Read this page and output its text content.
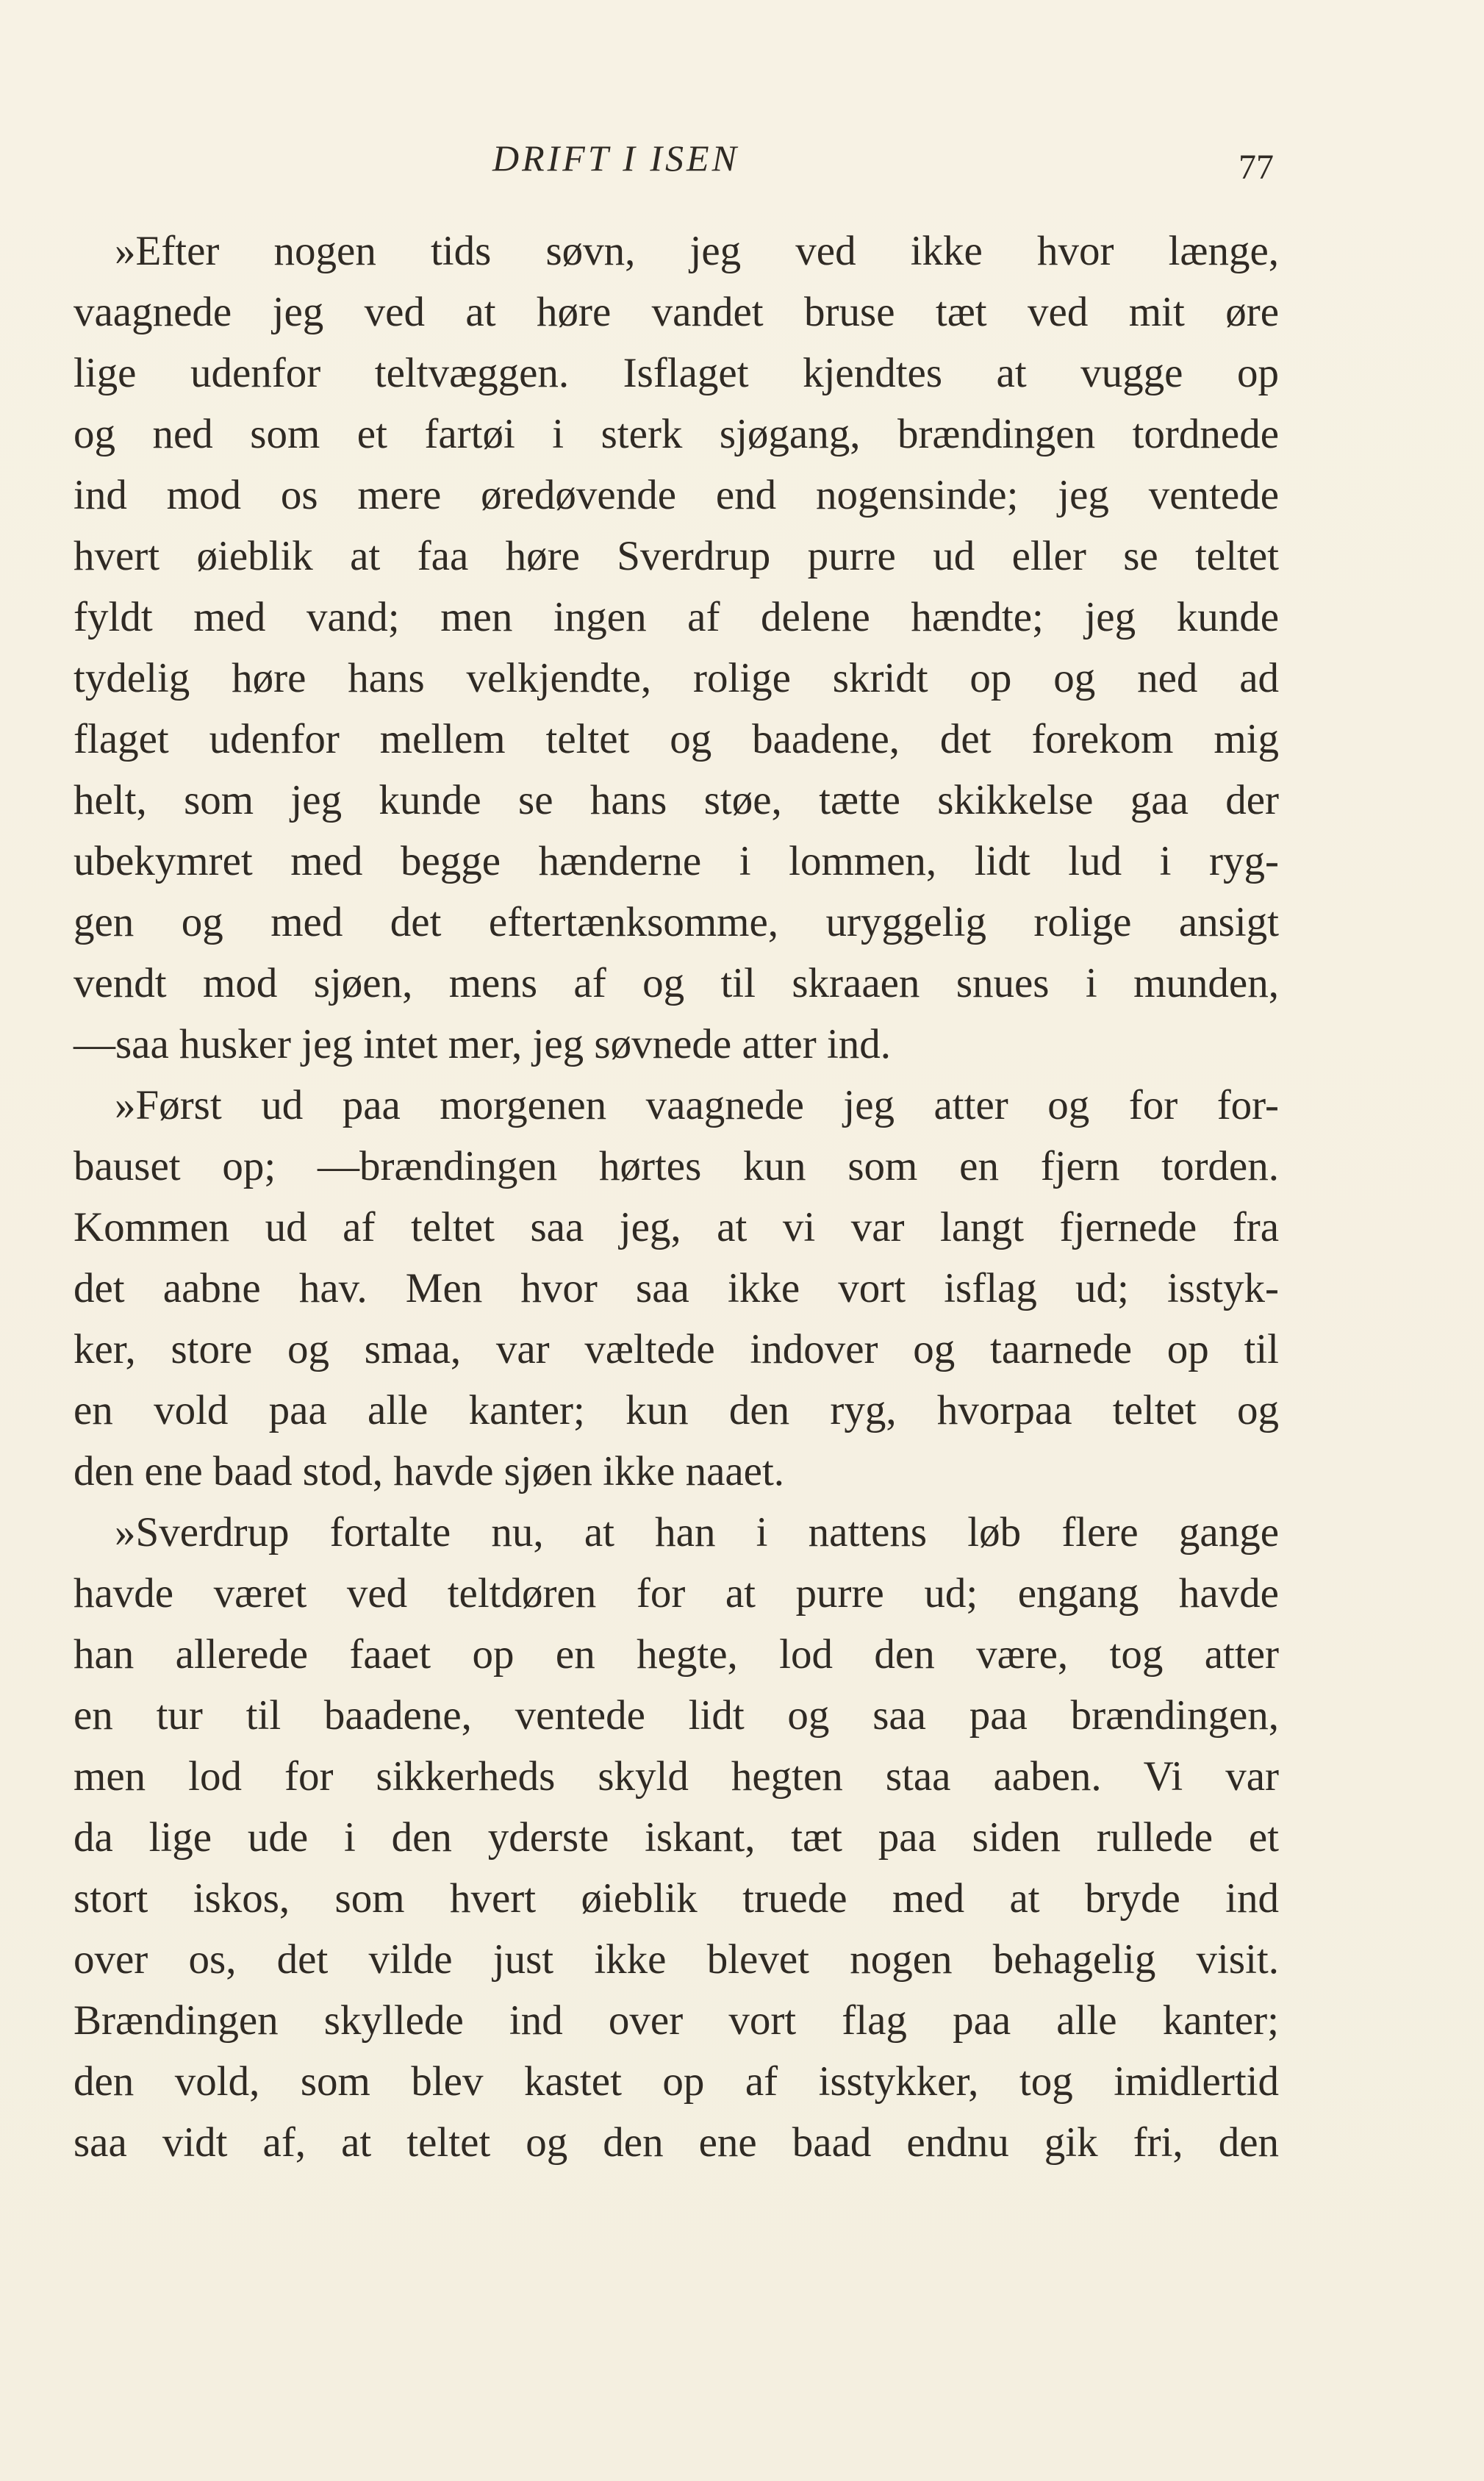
DRIFT I ISEN	77
»Efter nogen tids søvn, jeg ved ikke hvor længe,
vaagnede jeg ved at høre vandet bruse tæt ved mit øre
lige udenfor teltvæggen. Isflaget kjendtes at vugge op
og ned som et fartøi i sterk sjøgang, brændingen tordnede
ind mod os mere øredøvende end nogensinde; jeg ventede
hvert øieblik at faa høre Sverdrup purre ud eller se teltet
fyldt med vand; men ingen af delene hændte; jeg kunde
tydelig høre hans velkjendte, rolige skridt op og ned ad
flaget udenfor mellem teltet og baadene, det forekom mig
helt, som jeg kunde se hans støe, tætte skikkelse gaa der
ubekymret med begge hænderne i lommen, lidt lud i ryg-
gen og med det eftertænksomme, uryggelig rolige ansigt
vendt mod sjøen, mens af og til skraaen snues i munden,
—saa husker jeg intet mer, jeg søvnede atter ind.
»Først ud paa morgenen vaagnede jeg atter og for for-
bauset op; —brændingen hørtes kun som en fjern torden.
Kommen ud af teltet saa jeg, at vi var langt fjernede fra
det aabne hav. Men hvor saa ikke vort isflag ud; isstyk-
ker, store og smaa, var væltede indover og taarnede op til
en vold paa alle kanter; kun den ryg, hvorpaa teltet og
den ene baad stod, havde sjøen ikke naaet.
»Sverdrup fortalte nu, at han i nattens løb flere gange
havde været ved teltdøren for at purre ud; engang havde
han allerede faaet op en hegte, lod den være, tog atter
en tur til baadene, ventede lidt og saa paa brændingen,
men lod for sikkerheds skyld hegten staa aaben. Vi var
da lige ude i den yderste iskant, tæt paa siden rullede et
stort iskos, som hvert øieblik truede med at bryde ind
over os, det vilde just ikke blevet nogen behagelig visit.
Brændingen skyllede ind over vort flag paa alle kanter;
den vold, som blev kastet op af isstykker, tog imidlertid
saa vidt af, at teltet og den ene baad endnu gik fri, den
